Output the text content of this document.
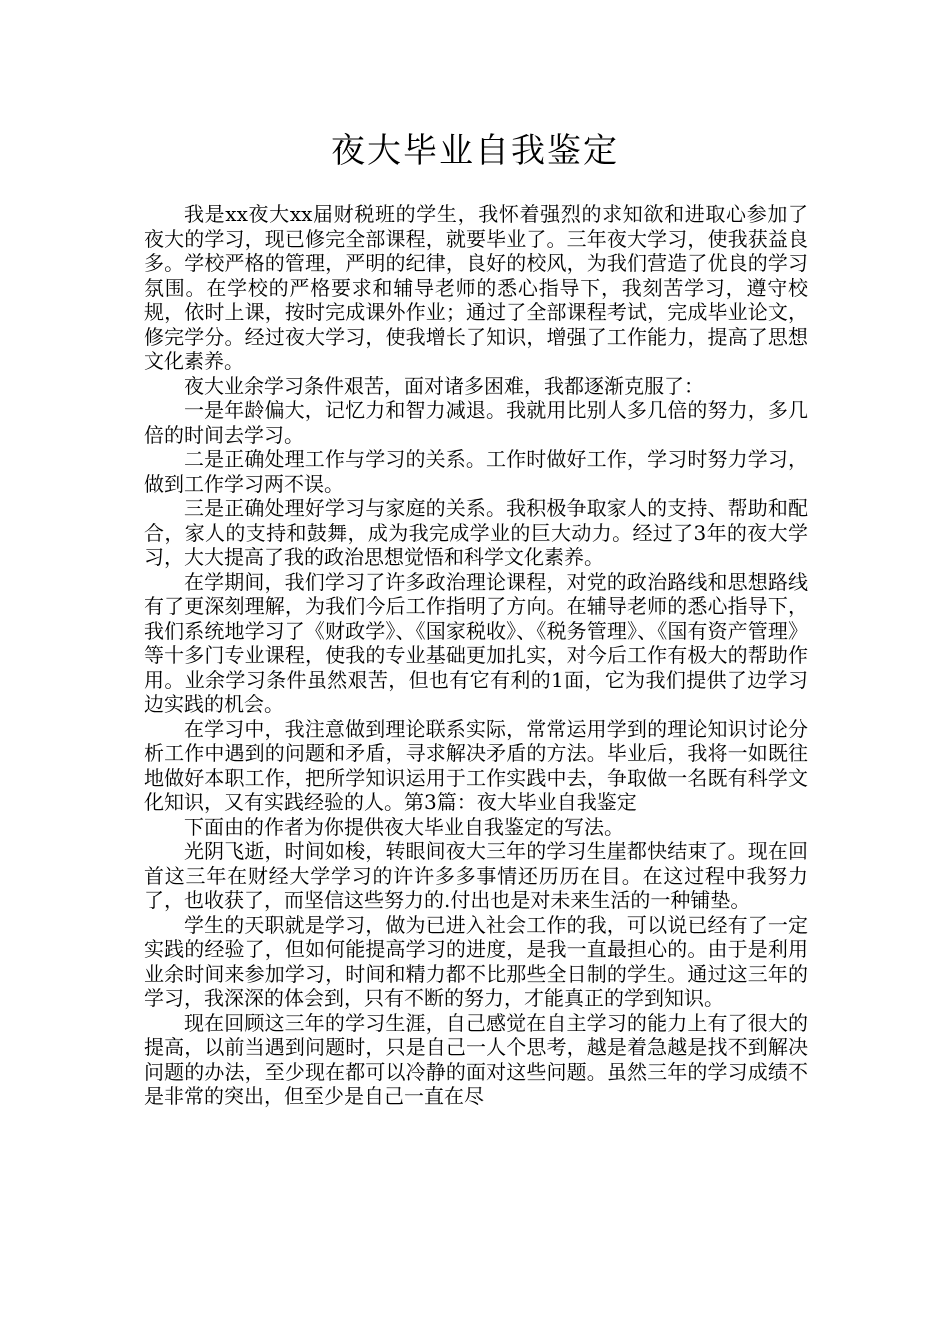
夜大毕业自我鉴定

我是xx夜大xx届财税班的学生，我怀着强烈的求知欲和进取心参加了夜大的学习，现已修完全部课程，就要毕业了。三年夜大学习，使我获益良多。学校严格的管理，严明的纪律，良好的校风，为我们营造了优良的学习氛围。在学校的严格要求和辅导老师的悉心指导下，我刻苦学习，遵守校规，依时上课，按时完成课外作业；通过了全部课程考试，完成毕业论文，修完学分。经过夜大学习，使我增长了知识，增强了工作能力，提高了思想文化素养。

夜大业余学习条件艰苦，面对诸多困难，我都逐渐克服了：

一是年龄偏大，记忆力和智力减退。我就用比别人多几倍的努力，多几倍的时间去学习。

二是正确处理工作与学习的关系。工作时做好工作，学习时努力学习，做到工作学习两不误。

三是正确处理好学习与家庭的关系。我积极争取家人的支持、帮助和配合，家人的支持和鼓舞，成为我完成学业的巨大动力。经过了3年的夜大学习，大大提高了我的政治思想觉悟和科学文化素养。

在学期间，我们学习了许多政治理论课程，对党的政治路线和思想路线有了更深刻理解，为我们今后工作指明了方向。在辅导老师的悉心指导下，我们系统地学习了《财政学》、《国家税收》、《税务管理》、《国有资产管理》等十多门专业课程，使我的专业基础更加扎实，对今后工作有极大的帮助作用。业余学习条件虽然艰苦，但也有它有利的1面，它为我们提供了边学习边实践的机会。

在学习中，我注意做到理论联系实际，常常运用学到的理论知识讨论分析工作中遇到的问题和矛盾，寻求解决矛盾的方法。毕业后，我将一如既往地做好本职工作，把所学知识运用于工作实践中去，争取做一名既有科学文化知识，又有实践经验的人。第3篇：夜大毕业自我鉴定

下面由的作者为你提供夜大毕业自我鉴定的写法。

光阴飞逝，时间如梭，转眼间夜大三年的学习生崖都快结束了。现在回首这三年在财经大学学习的许许多多事情还历历在目。在这过程中我努力了，也收获了，而坚信这些努力的.付出也是对未来生活的一种铺垫。

学生的天职就是学习，做为已进入社会工作的我，可以说已经有了一定实践的经验了，但如何能提高学习的进度，是我一直最担心的。由于是利用业余时间来参加学习，时间和精力都不比那些全日制的学生。通过这三年的学习，我深深的体会到，只有不断的努力，才能真正的学到知识。

现在回顾这三年的学习生涯，自己感觉在自主学习的能力上有了很大的提高，以前当遇到问题时，只是自己一人个思考，越是着急越是找不到解决问题的办法，至少现在都可以冷静的面对这些问题。虽然三年的学习成绩不是非常的突出，但至少是自己一直在尽
